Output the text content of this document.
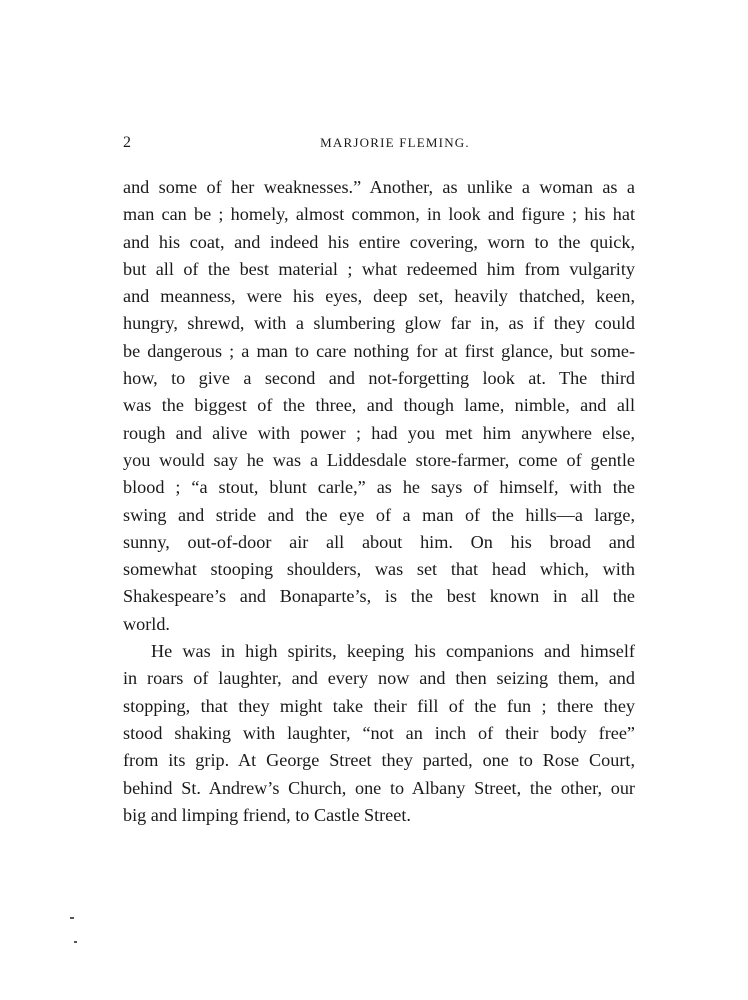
2	MARJORIE FLEMING.
and some of her weaknesses.” Another, as unlike a woman as a
man can be ; homely, almost common, in look and figure ; his hat
and his coat, and indeed his entire covering, worn to the quick,
but all of the best material ; what redeemed him from vulgarity
and meanness, were his eyes, deep set, heavily thatched, keen,
hungry, shrewd, with a slumbering glow far in, as if they could
be dangerous ; a man to care nothing for at first glance, but some-
how, to give a second and not-forgetting look at. The third
was the biggest of the three, and though lame, nimble, and all
rough and alive with power ; had you met him anywhere else,
you would say he was a Liddesdale store-farmer, come of gentle
blood ; “a stout, blunt carle,” as he says of himself, with the
swing and stride and the eye of a man of the hills—a large,
sunny, out-of-door air all about him. On his broad and
somewhat stooping shoulders, was set that head which, with
Shakespeare’s and Bonaparte’s, is the best known in all the
world.
He was in high spirits, keeping his companions and himself
in roars of laughter, and every now and then seizing them, and
stopping, that they might take their fill of the fun ; there they
stood shaking with laughter, “not an inch of their body free”
from its grip. At George Street they parted, one to Rose Court,
behind St. Andrew’s Church, one to Albany Street, the other, our
big and limping friend, to Castle Street.
